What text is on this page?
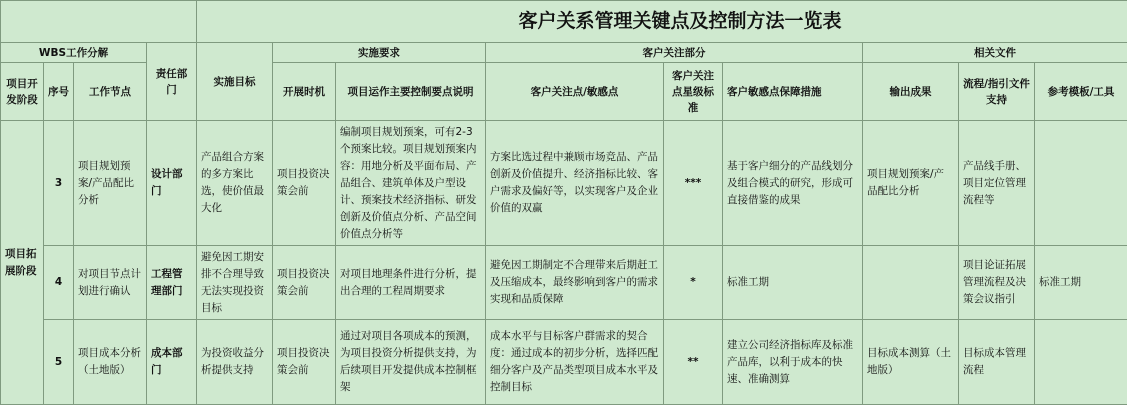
				客户关系管理关键点及控制方法一览表								
WBS工作分解			责任部门	实施目标	实施要求		客户关注部分			相关文件		
项目开发阶段	序号	工作节点			开展时机	项目运作主要控制要点说明	客户关注点/敏感点	客户关注点星级标准	客户敏感点保障措施	输出成果	流程/指引文件支持	参考模板/工具
项目拓展阶段	3	项目规划预案/产品配比分析	设计部门	产品组合方案的多方案比选，使价值最大化	项目投资决策会前	编制项目规划预案，可有2-3个预案比较。项目规划预案内容：用地分析及平面布局、产品组合、建筑单体及户型设计、预案技术经济指标、研发创新及价值点分析、产品空间价值点分析等	方案比选过程中兼顾市场竞品、产品创新及价值提升、经济指标比较、客户需求及偏好等，以实现客户及企业价值的双赢	***	基于客户细分的产品线划分及组合模式的研究，形成可直接借鉴的成果	项目规划预案/产品配比分析	产品线手册、项目定位管理流程等	
	4	对项目节点计划进行确认	工程管理部门	避免因工期安排不合理导致无法实现投资目标	项目投资决策会前	对项目地理条件进行分析，提出合理的工程周期要求	避免因工期制定不合理带来后期赶工及压缩成本，最终影响到客户的需求实现和品质保障	*	标准工期		项目论证拓展管理流程及决策会议指引	标准工期
	5	项目成本分析（土地版）	成本部门	为投资收益分析提供支持	项目投资决策会前	通过对项目各项成本的预测，为项目投资分析提供支持，为后续项目开发提供成本控制框架	成本水平与目标客户群需求的契合度：通过成本的初步分析，选择匹配细分客户及产品类型项目成本水平及控制目标	**	建立公司经济指标库及标准产品库，以利于成本的快速、准确测算	目标成本测算（土地版）	目标成本管理流程	
